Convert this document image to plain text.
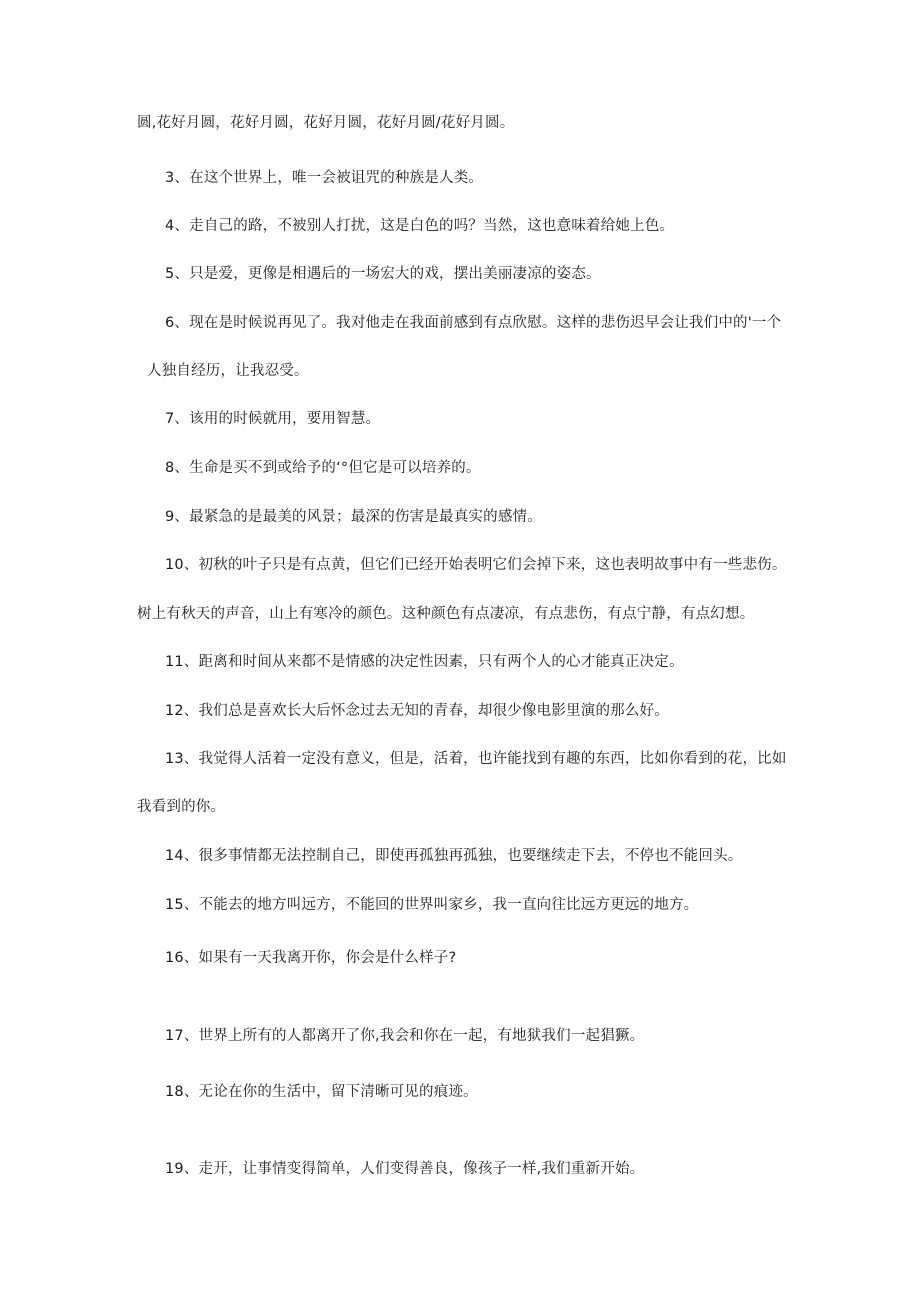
圆,花好月圆，花好月圆，花好月圆，花好月圆/花好月圆。
3、在这个世界上，唯一会被诅咒的种族是人类。
4、走自己的路，不被别人打扰，这是白色的吗？当然，这也意味着给她上色。
5、只是爱，更像是相遇后的一场宏大的戏，摆出美丽凄凉的姿态。
6、现在是时候说再见了。我对他走在我面前感到有点欣慰。这样的悲伤迟早会让我们中的'一个
人独自经历，让我忍受。
7、该用的时候就用，要用智慧。
8、生命是买不到或给予的‘°但它是可以培养的。
9、最紧急的是最美的风景；最深的伤害是最真实的感情。
10、初秋的叶子只是有点黄，但它们已经开始表明它们会掉下来，这也表明故事中有一些悲伤。
树上有秋天的声音，山上有寒冷的颜色。这种颜色有点凄凉，有点悲伤，有点宁静，有点幻想。
11、距离和时间从来都不是情感的决定性因素，只有两个人的心才能真正决定。
12、我们总是喜欢长大后怀念过去无知的青春，却很少像电影里演的那么好。
13、我觉得人活着一定没有意义，但是，活着，也许能找到有趣的东西，比如你看到的花，比如
我看到的你。
14、很多事情都无法控制自己，即使再孤独再孤独，也要继续走下去，不停也不能回头。
15、不能去的地方叫远方，不能回的世界叫家乡，我一直向往比远方更远的地方。
16、如果有一天我离开你，你会是什么样子?
17、世界上所有的人都离开了你,我会和你在一起，有地狱我们一起猖獗。
18、无论在你的生活中，留下清晰可见的痕迹。
19、走开，让事情变得简单，人们变得善良，像孩子一样,我们重新开始。
